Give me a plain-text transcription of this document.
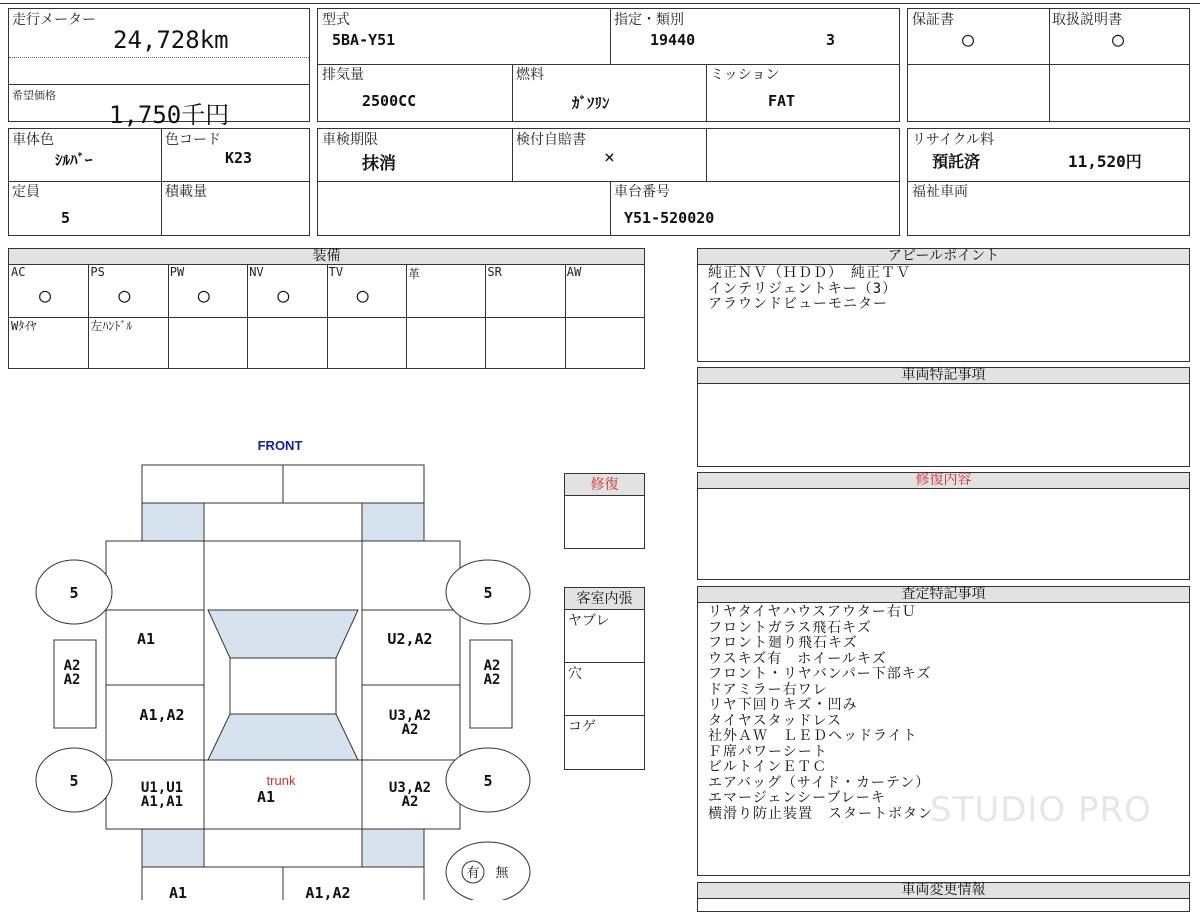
走行メーター
24,728km
希望価格
1,750千円
型式
5BA-Y51
指定・類別
19440	3
排気量
2500CC
燃料
ｶﾞｿﾘﾝ
ミッション
FAT
保証書
○
取扱説明書
○
車体色
ｼﾙﾊﾞｰ
色コード
K23
定員
5
積載量
車検期限
抹消
検付自賠書
×
車台番号
Y51-520020
リサイクル料
預託済	11,520円
福祉車両
装備
AC
○
PS
○
PW
○
NV
○
TV
○
革	SR	AW
Wﾀｲﾔ	左ﾊﾝﾄﾞﾙ
アピールポイント
純正ＮＶ（ＨＤＤ）　純正ＴＶ
インテリジェントキー（3）
アラウンドビューモニター
車両特記事項
修復内容
査定特記事項
リヤタイヤハウスアウター右Ｕ
フロントガラス飛石キズ
フロント廻り飛石キズ
ウスキズ有　ホイールキズ
フロント・リヤバンパー下部キズ
ドアミラー右ワレ
リヤ下回りキズ・凹み
タイヤスタッドレス
社外ＡＷ　ＬＥＤヘッドライト
Ｆ席パワーシート
ビルトインＥＴＣ
エアバッグ（サイド・カーテン）
エマージェンシーブレーキ
横滑り防止装置　スタートボタン
車両変更情報
STUDIO PRO
修復
客室内張
ヤブレ
穴
コゲ
FRONT
trunk
5	5
5	5
A1	U2,A2
A1,A2
A1
A1	A1,A2
無
有
A2 A2
A2 A2
U3,A2 A2
U1,U1 A1,A1
U3,A2 A2
